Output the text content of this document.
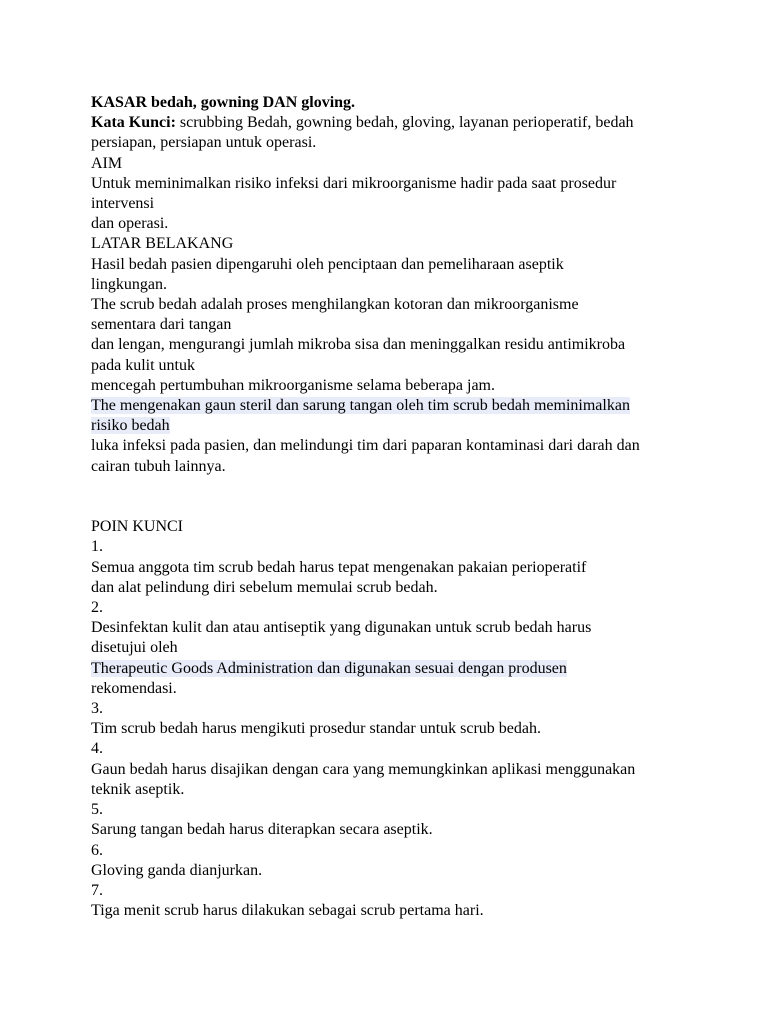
KASAR bedah, gowning DAN gloving.
Kata Kunci: scrubbing Bedah, gowning bedah, gloving, layanan perioperatif, bedah
persiapan, persiapan untuk operasi.
AIM
Untuk meminimalkan risiko infeksi dari mikroorganisme hadir pada saat prosedur
intervensi
dan operasi.
LATAR BELAKANG
Hasil bedah pasien dipengaruhi oleh penciptaan dan pemeliharaan aseptik
lingkungan.
The scrub bedah adalah proses menghilangkan kotoran dan mikroorganisme
sementara dari tangan
dan lengan, mengurangi jumlah mikroba sisa dan meninggalkan residu antimikroba
pada kulit untuk
mencegah pertumbuhan mikroorganisme selama beberapa jam.
The mengenakan gaun steril dan sarung tangan oleh tim scrub bedah meminimalkan
risiko bedah
luka infeksi pada pasien, dan melindungi tim dari paparan kontaminasi dari darah dan
cairan tubuh lainnya.
POIN KUNCI
1.
Semua anggota tim scrub bedah harus tepat mengenakan pakaian perioperatif
dan alat pelindung diri sebelum memulai scrub bedah.
2.
Desinfektan kulit dan atau antiseptik yang digunakan untuk scrub bedah harus
disetujui oleh
Therapeutic Goods Administration dan digunakan sesuai dengan produsen
rekomendasi.
3.
Tim scrub bedah harus mengikuti prosedur standar untuk scrub bedah.
4.
Gaun bedah harus disajikan dengan cara yang memungkinkan aplikasi menggunakan
teknik aseptik.
5.
Sarung tangan bedah harus diterapkan secara aseptik.
6.
Gloving ganda dianjurkan.
7.
Tiga menit scrub harus dilakukan sebagai scrub pertama hari.
